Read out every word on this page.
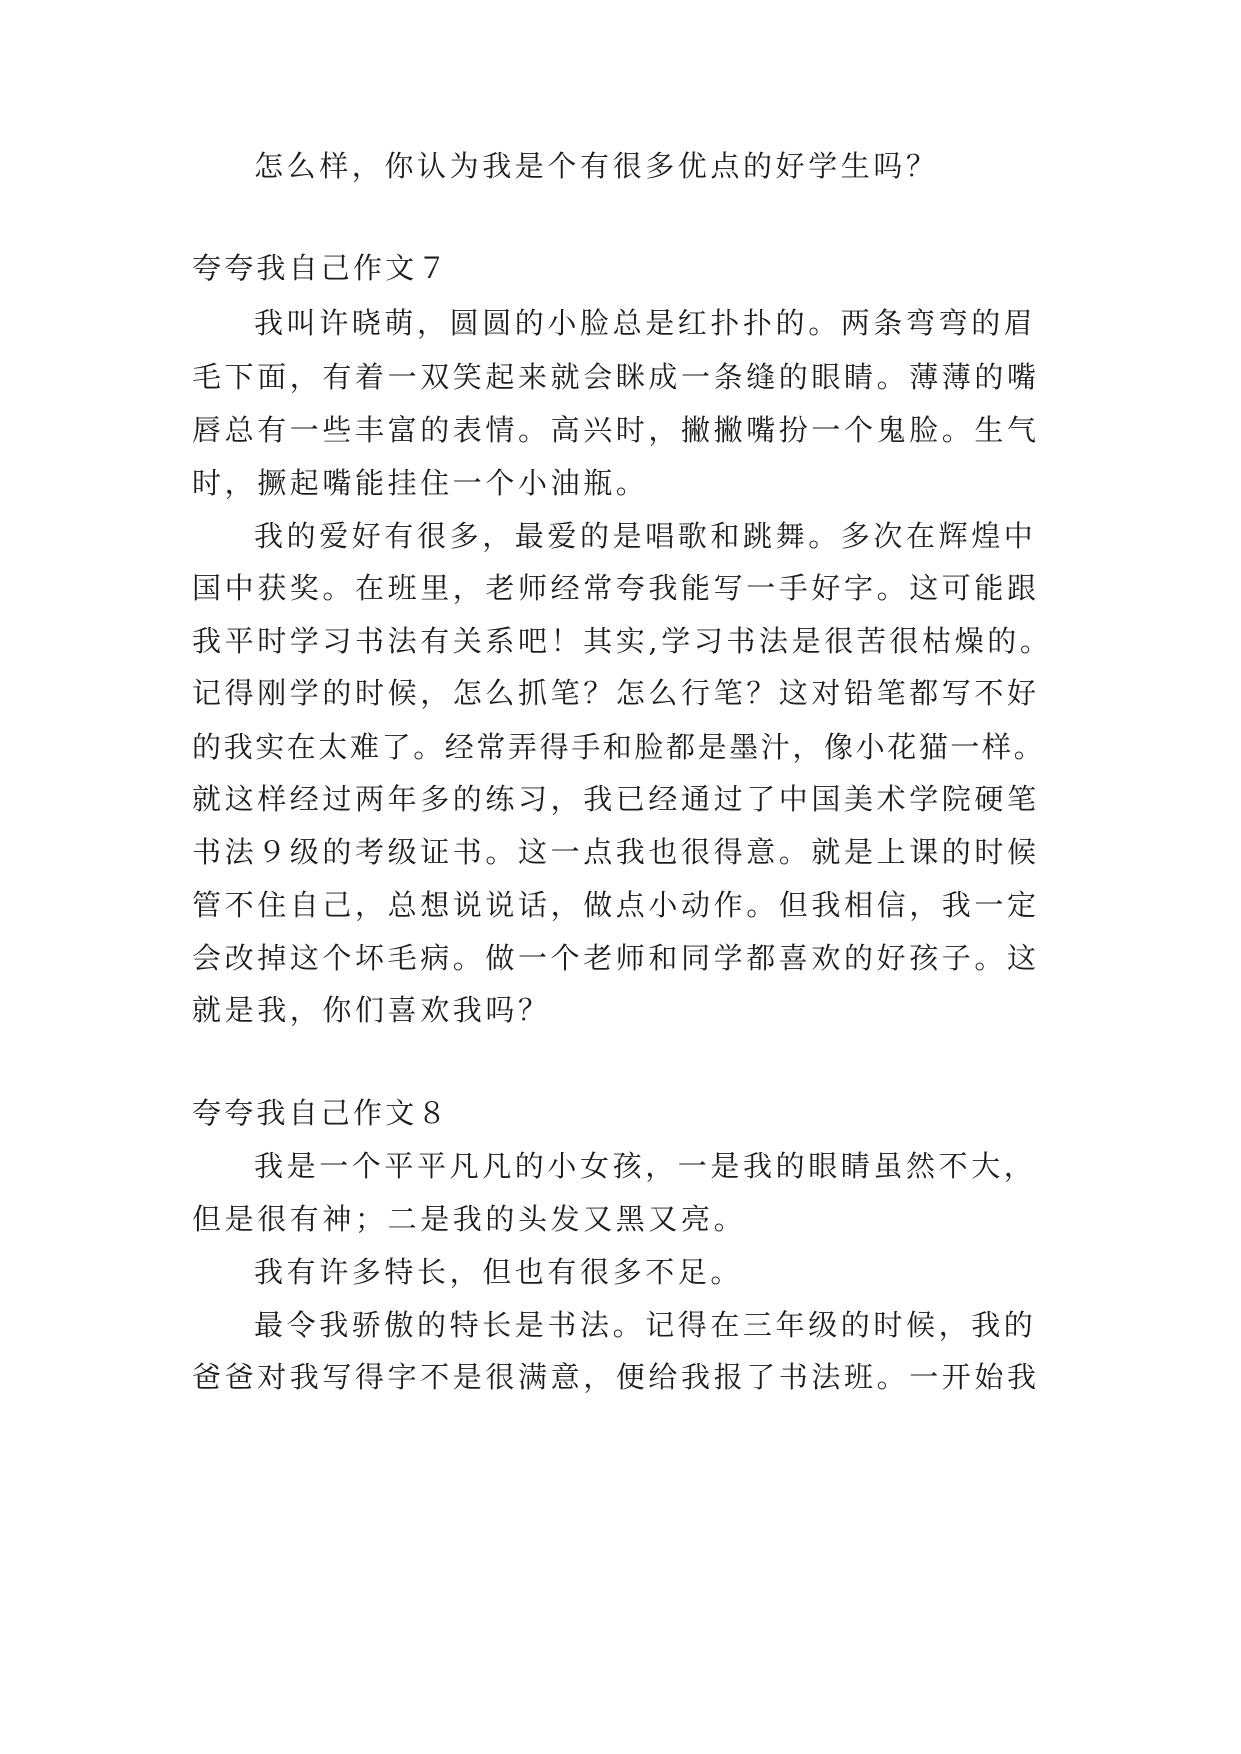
怎么样，你认为我是个有很多优点的好学生吗？

夸夸我自己作文７

我叫许晓萌，圆圆的小脸总是红扑扑的。两条弯弯的眉

毛下面，有着一双笑起来就会眯成一条缝的眼睛。薄薄的嘴

唇总有一些丰富的表情。高兴时，撇撇嘴扮一个鬼脸。生气

时，撅起嘴能挂住一个小油瓶。

我的爱好有很多，最爱的是唱歌和跳舞。多次在辉煌中

国中获奖。在班里，老师经常夸我能写一手好字。这可能跟

我平时学习书法有关系吧！其实,学习书法是很苦很枯燥的。

记得刚学的时候，怎么抓笔？怎么行笔？这对铅笔都写不好

的我实在太难了。经常弄得手和脸都是墨汁，像小花猫一样。

就这样经过两年多的练习，我已经通过了中国美术学院硬笔

书法９级的考级证书。这一点我也很得意。就是上课的时候

管不住自己，总想说说话，做点小动作。但我相信，我一定

会改掉这个坏毛病。做一个老师和同学都喜欢的好孩子。这

就是我，你们喜欢我吗？

夸夸我自己作文８

我是一个平平凡凡的小女孩，一是我的眼睛虽然不大，

但是很有神；二是我的头发又黑又亮。

我有许多特长，但也有很多不足。

最令我骄傲的特长是书法。记得在三年级的时候，我的

爸爸对我写得字不是很满意，便给我报了书法班。一开始我
